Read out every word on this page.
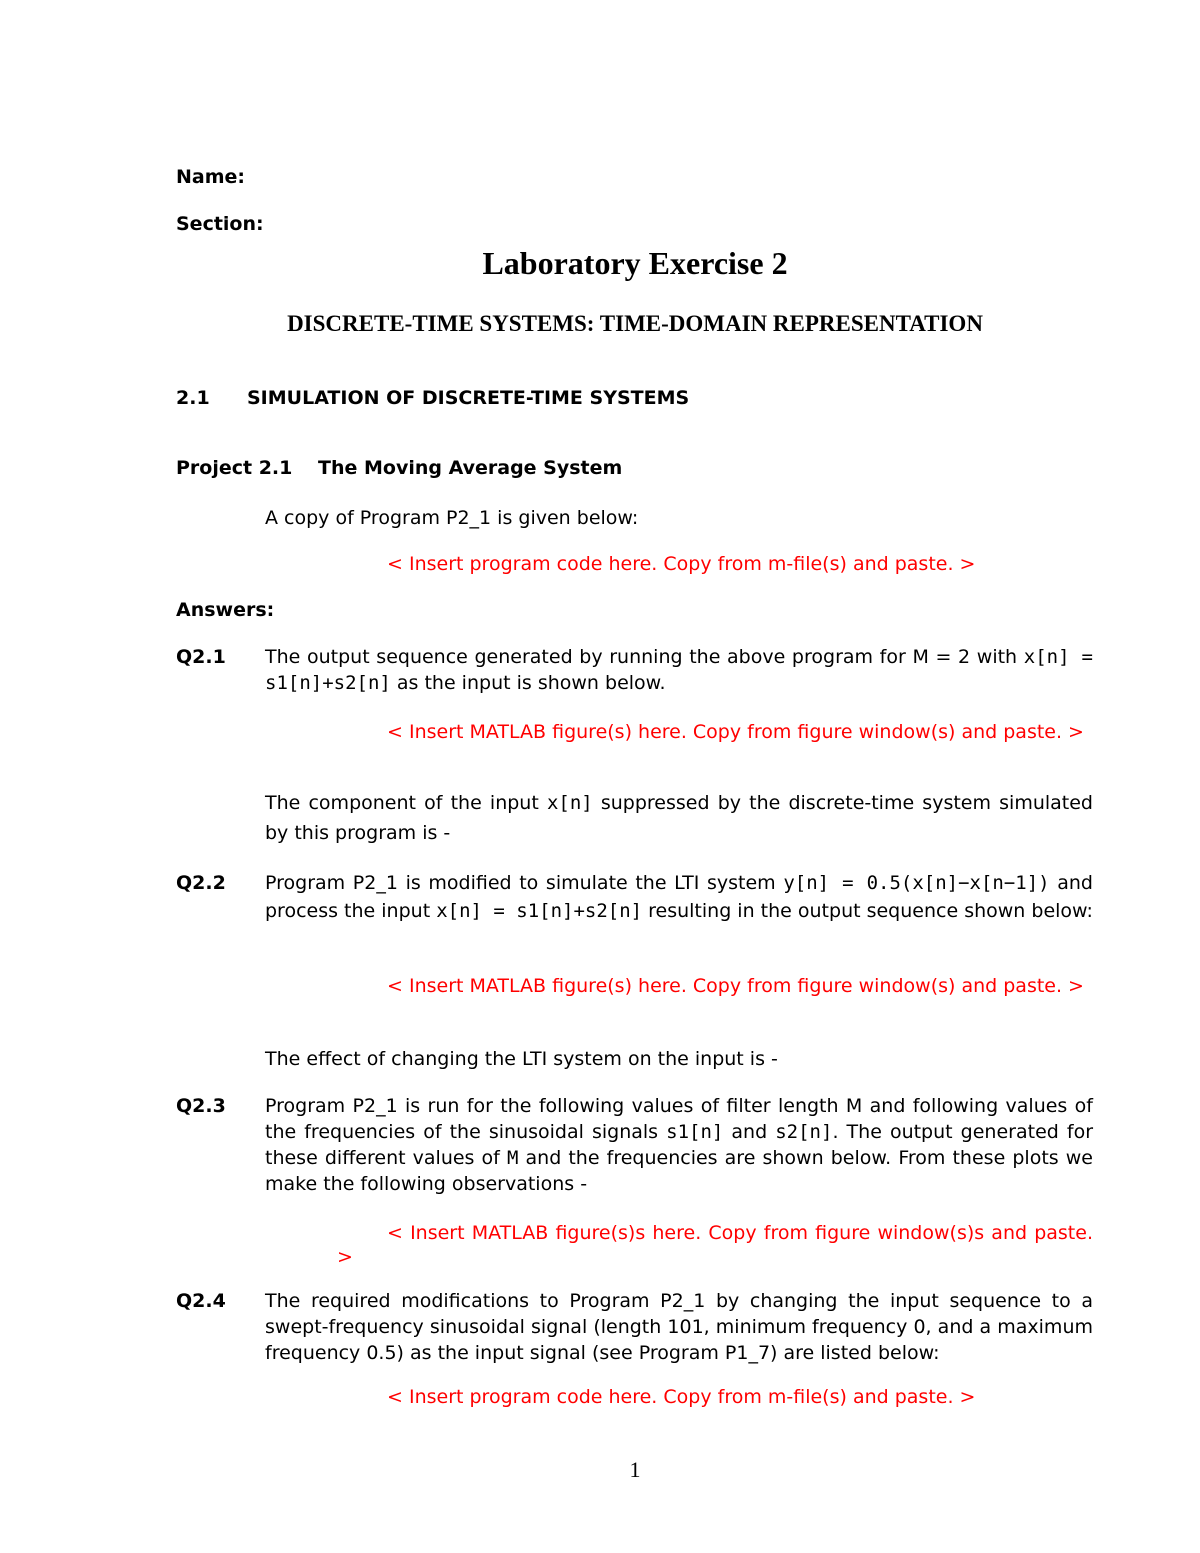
Name:
Section:
Laboratory Exercise 2
DISCRETE-TIME SYSTEMS: TIME-DOMAIN REPRESENTATION
2.1 SIMULATION OF DISCRETE-TIME SYSTEMS
Project 2.1 The Moving Average System
A copy of Program P2_1 is given below:
< Insert program code here. Copy from m-file(s) and paste. >
Answers:
Q2.1 The output sequence generated by running the above program for M = 2 with x[n] = s1[n]+s2[n] as the input is shown below.
< Insert MATLAB figure(s) here. Copy from figure window(s) and paste. >
The component of the input x[n] suppressed by the discrete-time system simulated by this program is -
Q2.2 Program P2_1 is modified to simulate the LTI system y[n] = 0.5(x[n]−x[n−1]) and process the input x[n] = s1[n]+s2[n] resulting in the output sequence shown below:
< Insert MATLAB figure(s) here. Copy from figure window(s) and paste. >
The effect of changing the LTI system on the input is -
Q2.3 Program P2_1 is run for the following values of filter length M and following values of the frequencies of the sinusoidal signals s1[n] and s2[n]. The output generated for these different values of M and the frequencies are shown below. From these plots we make the following observations -
< Insert MATLAB figure(s)s here. Copy from figure window(s)s and paste. >
Q2.4 The required modifications to Program P2_1 by changing the input sequence to a swept-frequency sinusoidal signal (length 101, minimum frequency 0, and a maximum frequency 0.5) as the input signal (see Program P1_7) are listed below:
< Insert program code here. Copy from m-file(s) and paste. >
1
